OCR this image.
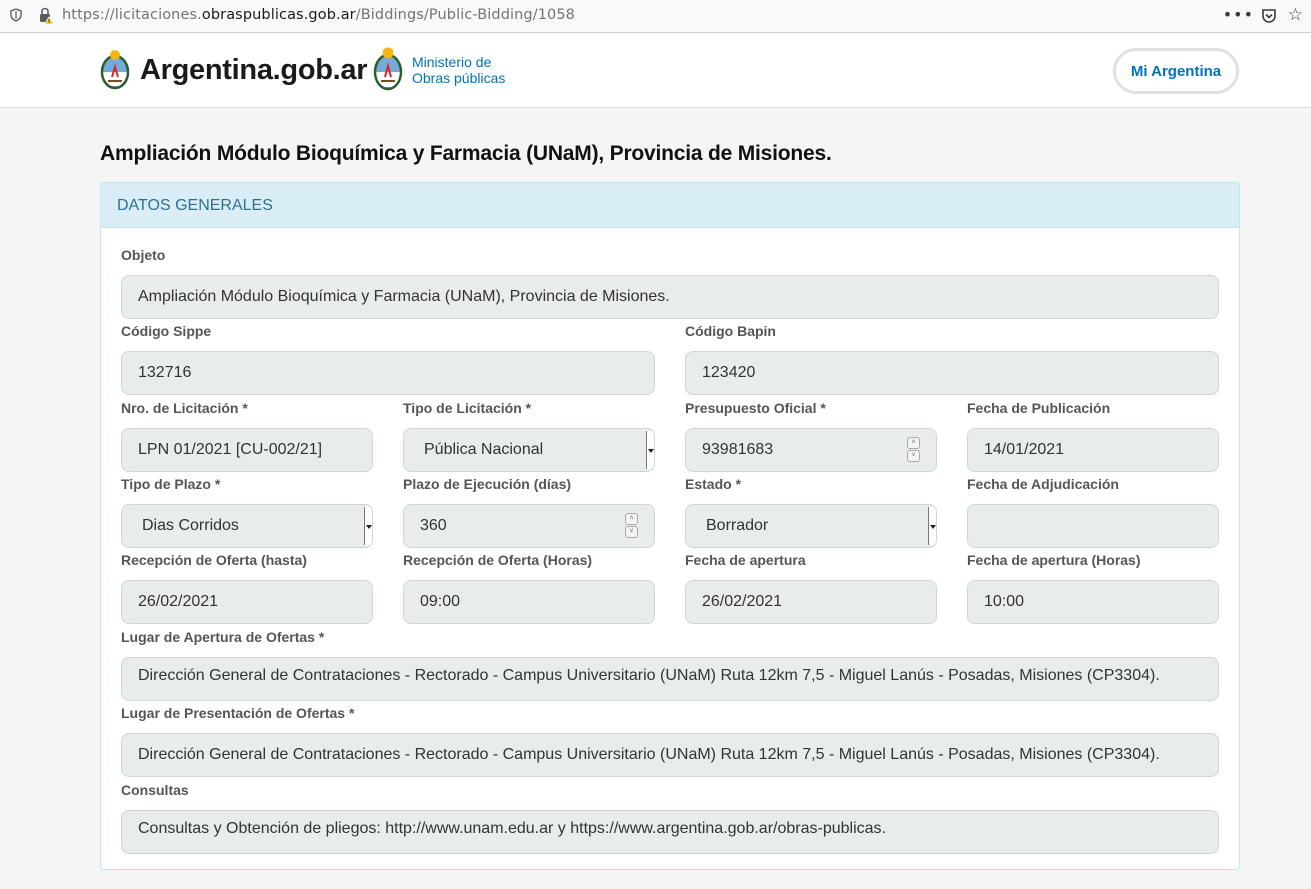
https://licitaciones.obraspublicas.gob.ar/Biddings/Public-Bidding/1058	••• ☆
Argentina.gob.ar	Ministerio de
Obras públicas	Mi Argentina
Ampliación Módulo Bioquímica y Farmacia (UNaM), Provincia de Misiones.
DATOS GENERALES
Objeto
Ampliación Módulo Bioquímica y Farmacia (UNaM), Provincia de Misiones.
Código Sippe
132716
Código Bapin
123420
Nro. de Licitación *
LPN 01/2021 [CU-002/21]
Tipo de Licitación *
Pública Nacional
Presupuesto Oficial *
93981683	˄
˅
Fecha de Publicación
14/01/2021
Tipo de Plazo *
Dias Corridos
Plazo de Ejecución (días)
360	˄
˅
Estado *
Borrador
Fecha de Adjudicación
Recepción de Oferta (hasta)
26/02/2021
Recepción de Oferta (Horas)
09:00
Fecha de apertura
26/02/2021
Fecha de apertura (Horas)
10:00
Lugar de Apertura de Ofertas *
Dirección General de Contrataciones - Rectorado - Campus Universitario (UNaM) Ruta 12km 7,5 - Miguel Lanús - Posadas, Misiones (CP3304).
Lugar de Presentación de Ofertas *
Dirección General de Contrataciones - Rectorado - Campus Universitario (UNaM) Ruta 12km 7,5 - Miguel Lanús - Posadas, Misiones (CP3304).
Consultas
Consultas y Obtención de pliegos: http://www.unam.edu.ar y https://www.argentina.gob.ar/obras-publicas.
